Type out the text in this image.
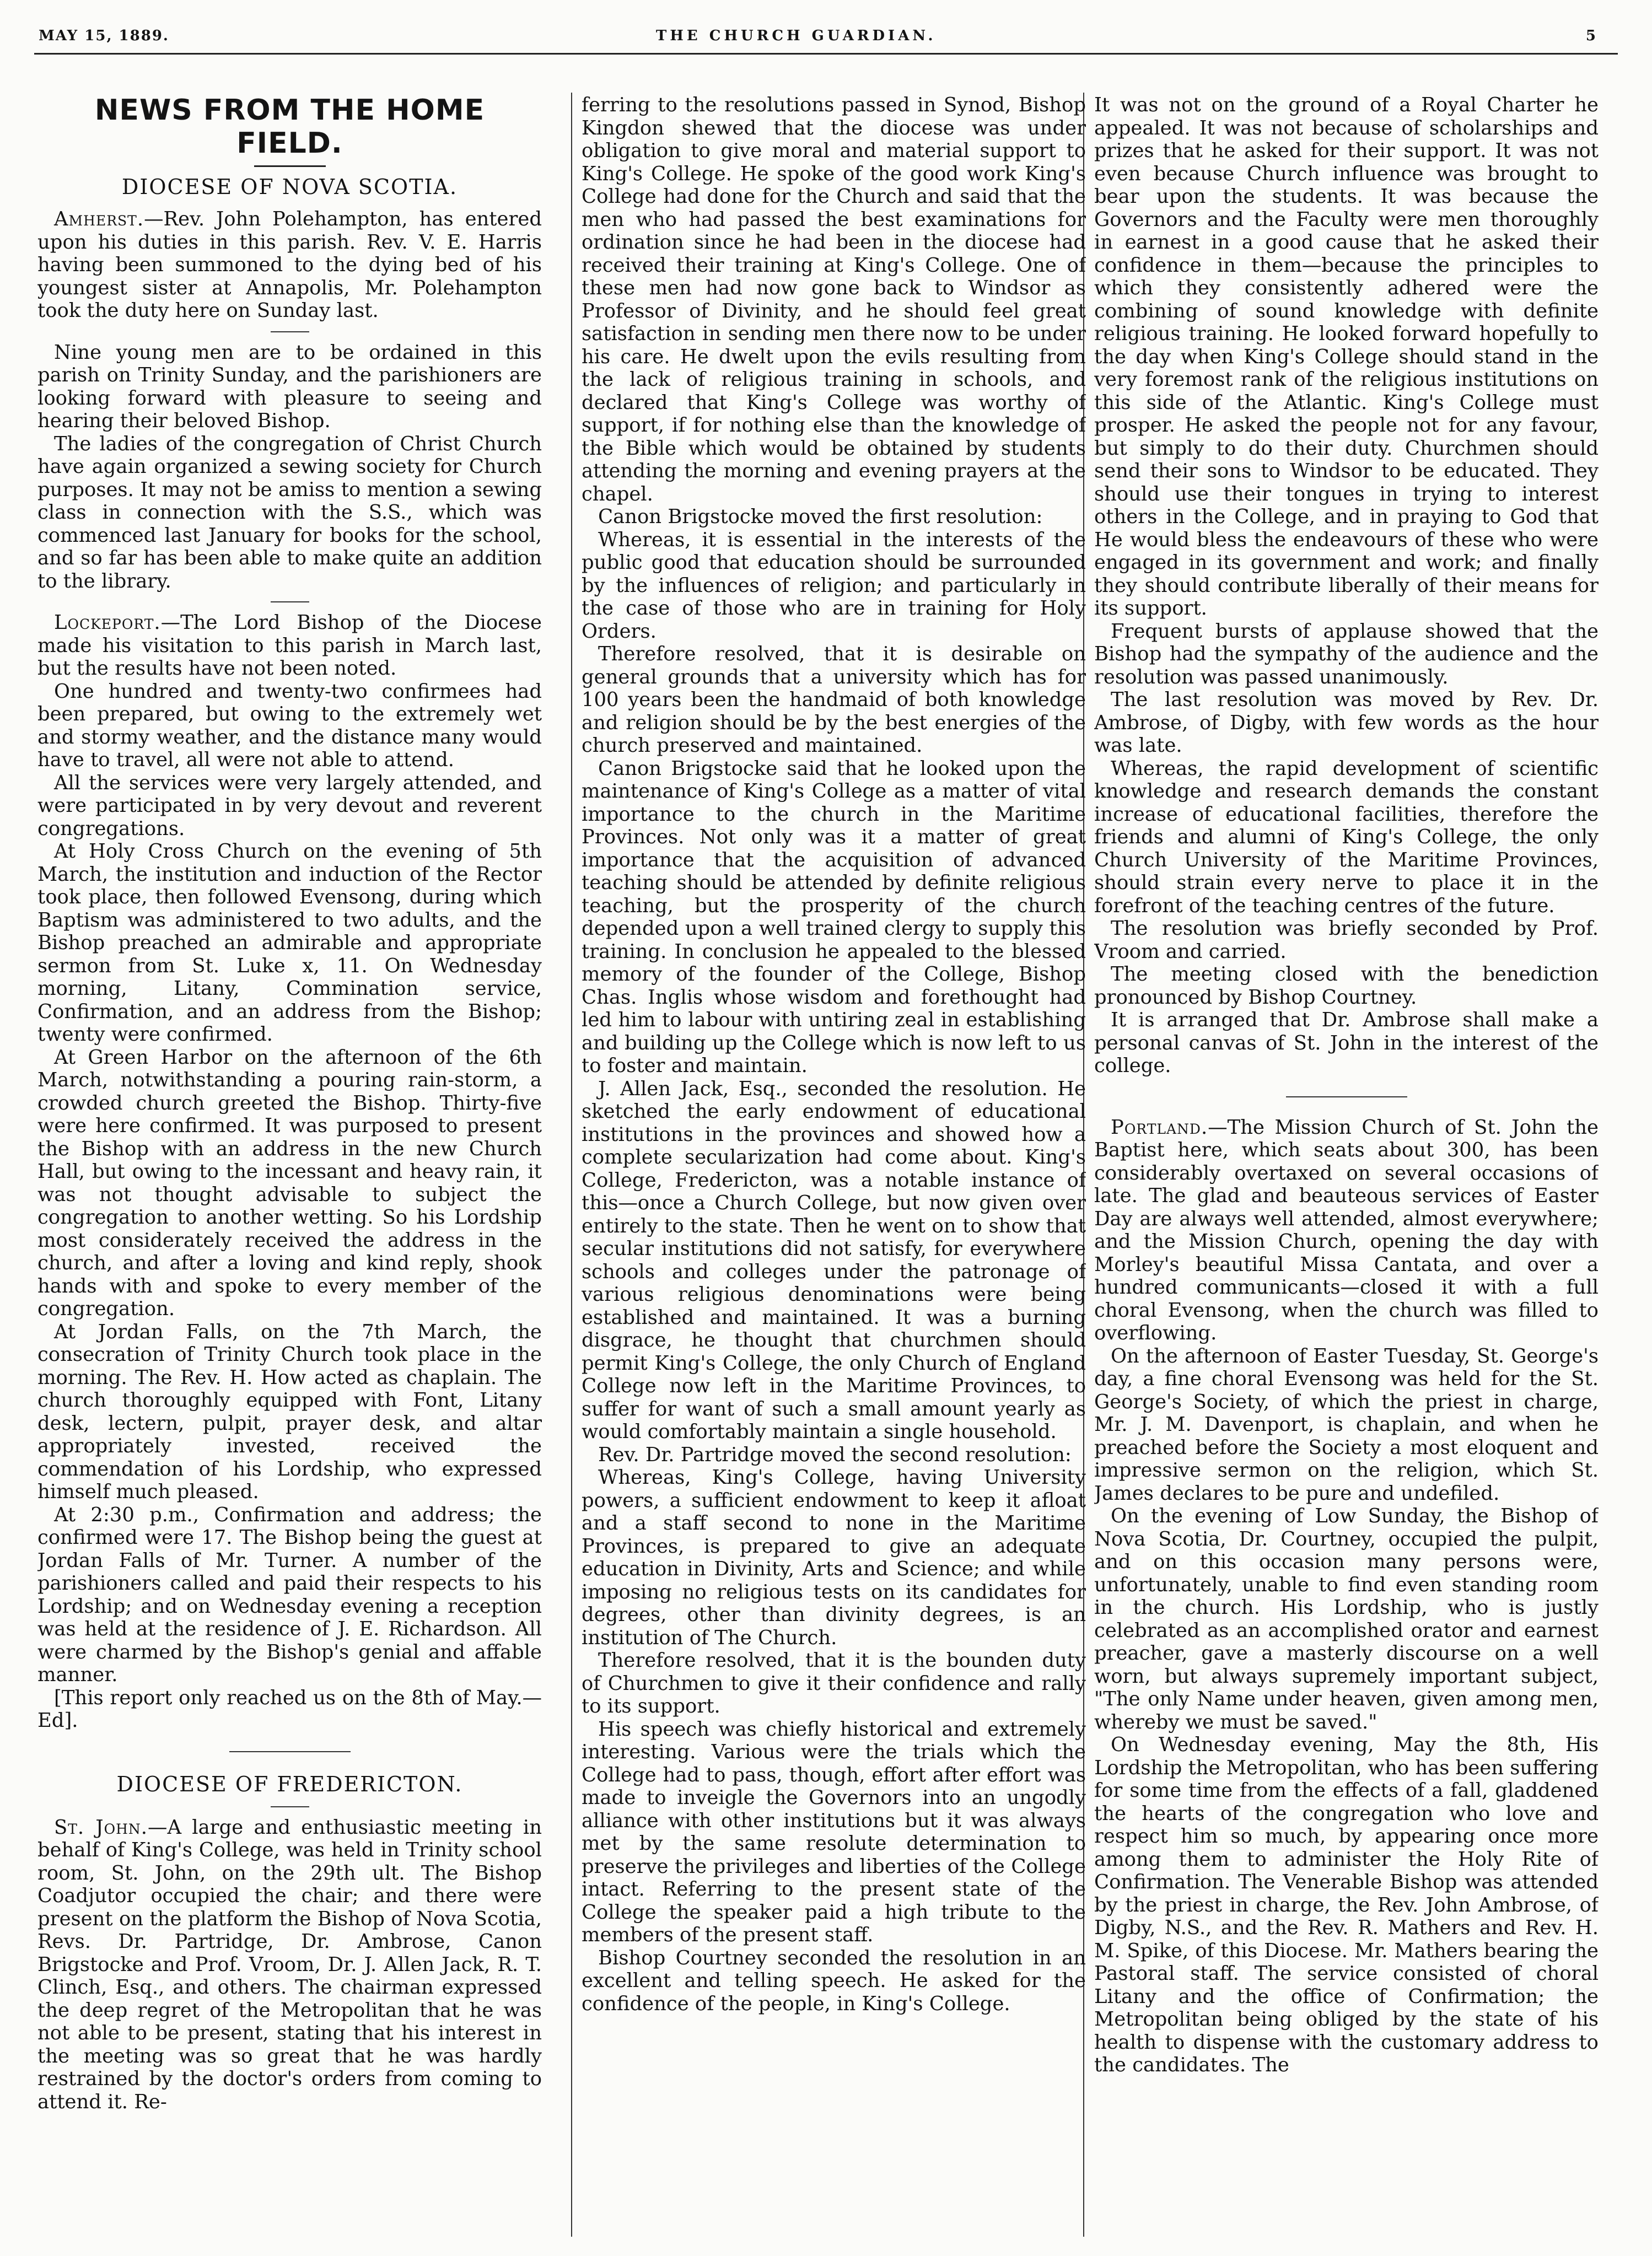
MAY 15, 1889.	THE CHURCH GUARDIAN.	5
NEWS FROM THE HOME FIELD.
DIOCESE OF NOVA SCOTIA.

Amherst.—Rev. John Polehampton, has entered upon his duties in this parish. Rev. V. E. Harris having been summoned to the dying bed of his youngest sister at Annapolis, Mr. Polehampton took the duty here on Sunday last.

Nine young men are to be ordained in this parish on Trinity Sunday, and the parishioners are looking forward with pleasure to seeing and hearing their beloved Bishop.

The ladies of the congregation of Christ Church have again organized a sewing society for Church purposes. It may not be amiss to mention a sewing class in connection with the S.S., which was commenced last January for books for the school, and so far has been able to make quite an addition to the library.

Lockeport.—The Lord Bishop of the Diocese made his visitation to this parish in March last, but the results have not been noted.

One hundred and twenty-two confirmees had been prepared, but owing to the extremely wet and stormy weather, and the distance many would have to travel, all were not able to attend.

All the services were very largely attended, and were participated in by very devout and reverent congregations.

At Holy Cross Church on the evening of 5th March, the institution and induction of the Rector took place, then followed Evensong, during which Baptism was administered to two adults, and the Bishop preached an admirable and appropriate sermon from St. Luke x, 11. On Wednesday morning, Litany, Commination service, Confirmation, and an address from the Bishop; twenty were confirmed.

At Green Harbor on the afternoon of the 6th March, notwithstanding a pouring rain-storm, a crowded church greeted the Bishop. Thirty-five were here confirmed. It was purposed to present the Bishop with an address in the new Church Hall, but owing to the incessant and heavy rain, it was not thought advisable to subject the congregation to another wetting. So his Lordship most considerately received the address in the church, and after a loving and kind reply, shook hands with and spoke to every member of the congregation.

At Jordan Falls, on the 7th March, the consecration of Trinity Church took place in the morning. The Rev. H. How acted as chaplain. The church thoroughly equipped with Font, Litany desk, lectern, pulpit, prayer desk, and altar appropriately invested, received the commendation of his Lordship, who expressed himself much pleased.

At 2:30 p.m., Confirmation and address; the confirmed were 17. The Bishop being the guest at Jordan Falls of Mr. Turner. A number of the parishioners called and paid their respects to his Lordship; and on Wednesday evening a reception was held at the residence of J. E. Richardson. All were charmed by the Bishop's genial and affable manner.

[This report only reached us on the 8th of May.—Ed].

DIOCESE OF FREDERICTON.

St. John.—A large and enthusiastic meeting in behalf of King's College, was held in Trinity school room, St. John, on the 29th ult. The Bishop Coadjutor occupied the chair; and there were present on the platform the Bishop of Nova Scotia, Revs. Dr. Partridge, Dr. Ambrose, Canon Brigstocke and Prof. Vroom, Dr. J. Allen Jack, R. T. Clinch, Esq., and others. The chairman expressed the deep regret of the Metropolitan that he was not able to be present, stating that his interest in the meeting was so great that he was hardly restrained by the doctor's orders from coming to attend it. Re-

ferring to the resolutions passed in Synod, Bishop Kingdon shewed that the diocese was under obligation to give moral and material support to King's College. He spoke of the good work King's College had done for the Church and said that the men who had passed the best examinations for ordination since he had been in the diocese had received their training at King's College. One of these men had now gone back to Windsor as Professor of Divinity, and he should feel great satisfaction in sending men there now to be under his care. He dwelt upon the evils resulting from the lack of religious training in schools, and declared that King's College was worthy of support, if for nothing else than the knowledge of the Bible which would be obtained by students attending the morning and evening prayers at the chapel.

Canon Brigstocke moved the first resolution:

Whereas, it is essential in the interests of the public good that education should be surrounded by the influences of religion; and particularly in the case of those who are in training for Holy Orders.

Therefore resolved, that it is desirable on general grounds that a university which has for 100 years been the handmaid of both knowledge and religion should be by the best energies of the church preserved and maintained.

Canon Brigstocke said that he looked upon the maintenance of King's College as a matter of vital importance to the church in the Maritime Provinces. Not only was it a matter of great importance that the acquisition of advanced teaching should be attended by definite religious teaching, but the prosperity of the church depended upon a well trained clergy to supply this training. In conclusion he appealed to the blessed memory of the founder of the College, Bishop Chas. Inglis whose wisdom and forethought had led him to labour with untiring zeal in establishing and building up the College which is now left to us to foster and maintain.

J. Allen Jack, Esq., seconded the resolution. He sketched the early endowment of educational institutions in the provinces and showed how a complete secularization had come about. King's College, Fredericton, was a notable instance of this—once a Church College, but now given over entirely to the state. Then he went on to show that secular institutions did not satisfy, for everywhere schools and colleges under the patronage of various religious denominations were being established and maintained. It was a burning disgrace, he thought that churchmen should permit King's College, the only Church of England College now left in the Maritime Provinces, to suffer for want of such a small amount yearly as would comfortably maintain a single household.

Rev. Dr. Partridge moved the second resolution:

Whereas, King's College, having University powers, a sufficient endowment to keep it afloat and a staff second to none in the Maritime Provinces, is prepared to give an adequate education in Divinity, Arts and Science; and while imposing no religious tests on its candidates for degrees, other than divinity degrees, is an institution of The Church.

Therefore resolved, that it is the bounden duty of Churchmen to give it their confidence and rally to its support.

His speech was chiefly historical and extremely interesting. Various were the trials which the College had to pass, though, effort after effort was made to inveigle the Governors into an ungodly alliance with other institutions but it was always met by the same resolute determination to preserve the privileges and liberties of the College intact. Referring to the present state of the College the speaker paid a high tribute to the members of the present staff.

Bishop Courtney seconded the resolution in an excellent and telling speech. He asked for the confidence of the people, in King's College.

It was not on the ground of a Royal Charter he appealed. It was not because of scholarships and prizes that he asked for their support. It was not even because Church influence was brought to bear upon the students. It was because the Governors and the Faculty were men thoroughly in earnest in a good cause that he asked their confidence in them—because the principles to which they consistently adhered were the combining of sound knowledge with definite religious training. He looked forward hopefully to the day when King's College should stand in the very foremost rank of the religious institutions on this side of the Atlantic. King's College must prosper. He asked the people not for any favour, but simply to do their duty. Churchmen should send their sons to Windsor to be educated. They should use their tongues in trying to interest others in the College, and in praying to God that He would bless the endeavours of these who were engaged in its government and work; and finally they should contribute liberally of their means for its support.

Frequent bursts of applause showed that the Bishop had the sympathy of the audience and the resolution was passed unanimously.

The last resolution was moved by Rev. Dr. Ambrose, of Digby, with few words as the hour was late.

Whereas, the rapid development of scientific knowledge and research demands the constant increase of educational facilities, therefore the friends and alumni of King's College, the only Church University of the Maritime Provinces, should strain every nerve to place it in the forefront of the teaching centres of the future.

The resolution was briefly seconded by Prof. Vroom and carried.

The meeting closed with the benediction pronounced by Bishop Courtney.

It is arranged that Dr. Ambrose shall make a personal canvas of St. John in the interest of the college.

Portland.—The Mission Church of St. John the Baptist here, which seats about 300, has been considerably overtaxed on several occasions of late. The glad and beauteous services of Easter Day are always well attended, almost everywhere; and the Mission Church, opening the day with Morley's beautiful Missa Cantata, and over a hundred communicants—closed it with a full choral Evensong, when the church was filled to overflowing.

On the afternoon of Easter Tuesday, St. George's day, a fine choral Evensong was held for the St. George's Society, of which the priest in charge, Mr. J. M. Davenport, is chaplain, and when he preached before the Society a most eloquent and impressive sermon on the religion, which St. James declares to be pure and undefiled.

On the evening of Low Sunday, the Bishop of Nova Scotia, Dr. Courtney, occupied the pulpit, and on this occasion many persons were, unfortunately, unable to find even standing room in the church. His Lordship, who is justly celebrated as an accomplished orator and earnest preacher, gave a masterly discourse on a well worn, but always supremely important subject, "The only Name under heaven, given among men, whereby we must be saved."

On Wednesday evening, May the 8th, His Lordship the Metropolitan, who has been suffering for some time from the effects of a fall, gladdened the hearts of the congregation who love and respect him so much, by appearing once more among them to administer the Holy Rite of Confirmation. The Venerable Bishop was attended by the priest in charge, the Rev. John Ambrose, of Digby, N.S., and the Rev. R. Mathers and Rev. H. M. Spike, of this Diocese. Mr. Mathers bearing the Pastoral staff. The service consisted of choral Litany and the office of Confirmation; the Metropolitan being obliged by the state of his health to dispense with the customary address to the candidates. The
